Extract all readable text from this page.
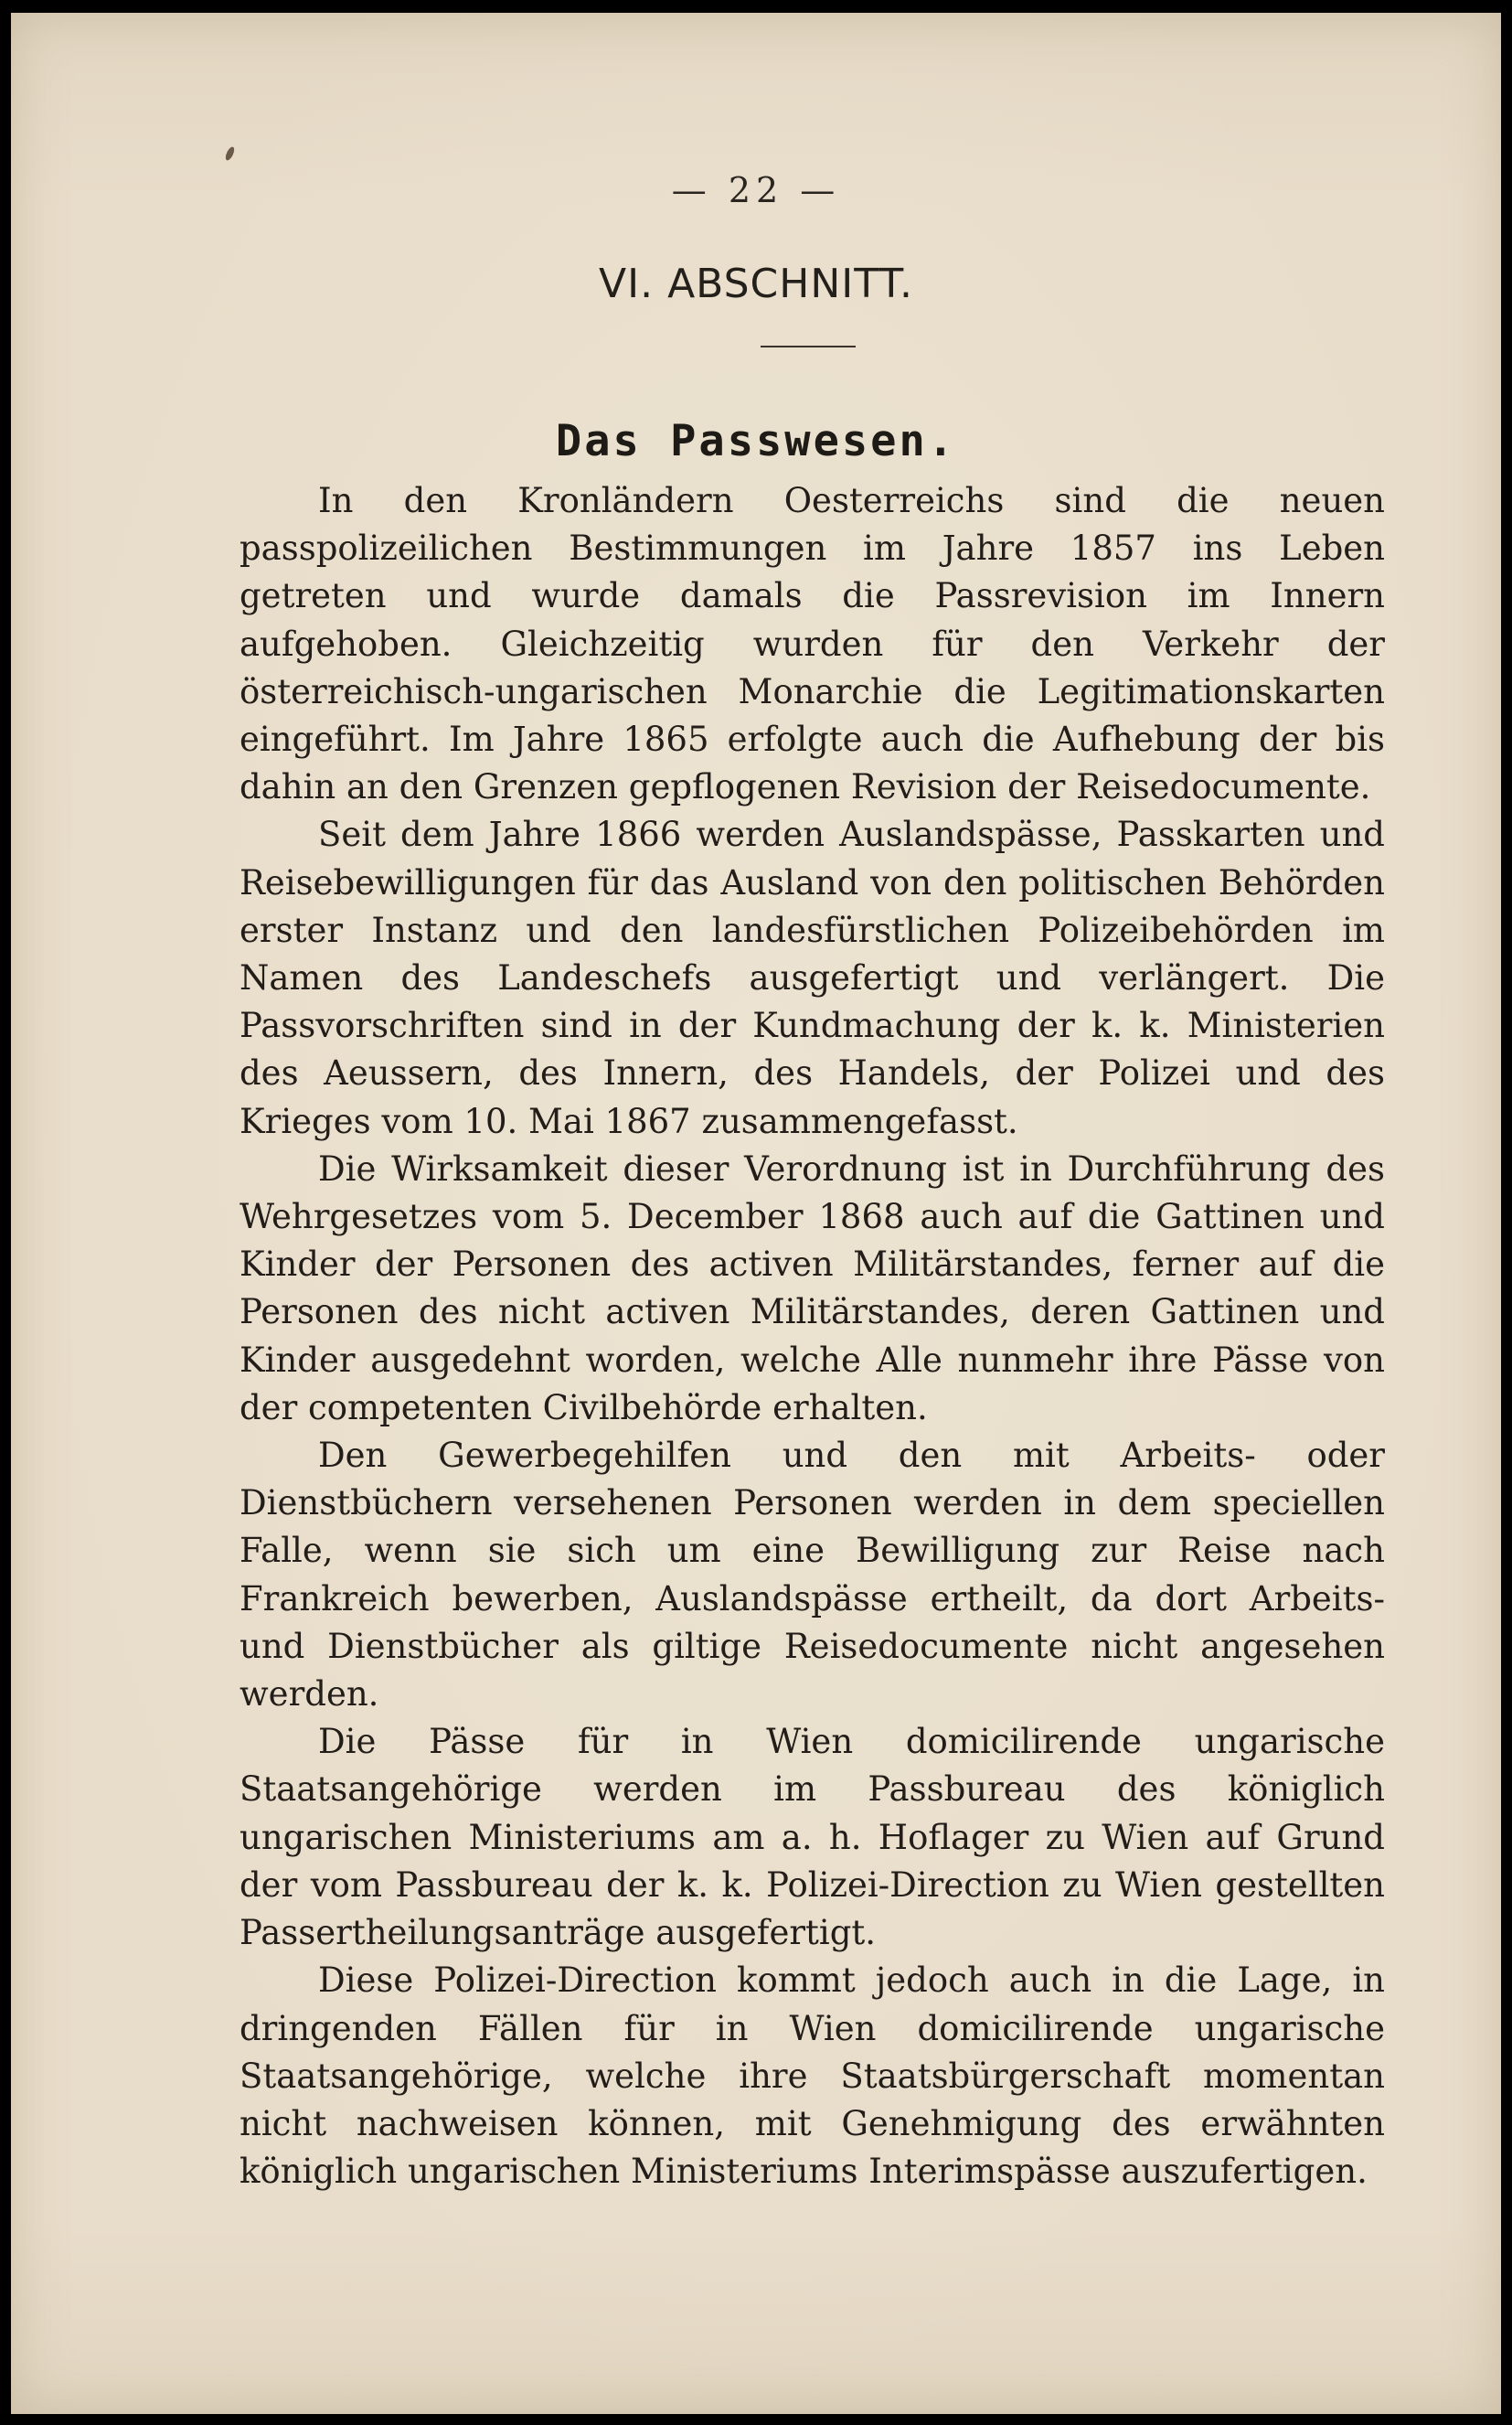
— 22 —
VI. ABSCHNITT.
Das Passwesen.

In den Kronländern Oesterreichs sind die neuen passpolizeilichen Bestimmungen im Jahre 1857 ins Leben getreten und wurde damals die Passrevision im Innern aufgehoben. Gleichzeitig wurden für den Verkehr der österreichisch-ungarischen Monarchie die Legitimationskarten eingeführt. Im Jahre 1865 erfolgte auch die Aufhebung der bis dahin an den Grenzen gepflogenen Revision der Reisedocumente.

Seit dem Jahre 1866 werden Auslandspässe, Passkarten und Reisebewilligungen für das Ausland von den politischen Behörden erster Instanz und den landesfürstlichen Polizeibehörden im Namen des Landeschefs ausgefertigt und verlängert. Die Passvorschriften sind in der Kundmachung der k. k. Ministerien des Aeussern, des Innern, des Handels, der Polizei und des Krieges vom 10. Mai 1867 zusammengefasst.

Die Wirksamkeit dieser Verordnung ist in Durchführung des Wehrgesetzes vom 5. December 1868 auch auf die Gattinen und Kinder der Personen des activen Militärstandes, ferner auf die Personen des nicht activen Militärstandes, deren Gattinen und Kinder ausgedehnt worden, welche Alle nunmehr ihre Pässe von der competenten Civilbehörde erhalten.

Den Gewerbegehilfen und den mit Arbeits- oder Dienstbüchern versehenen Personen werden in dem speciellen Falle, wenn sie sich um eine Bewilligung zur Reise nach Frankreich bewerben, Auslandspässe ertheilt, da dort Arbeits- und Dienstbücher als giltige Reisedocumente nicht angesehen werden.

Die Pässe für in Wien domicilirende ungarische Staatsangehörige werden im Passbureau des königlich ungarischen Ministeriums am a. h. Hoflager zu Wien auf Grund der vom Passbureau der k. k. Polizei-Direction zu Wien gestellten Passertheilungsanträge ausgefertigt.

Diese Polizei-Direction kommt jedoch auch in die Lage, in dringenden Fällen für in Wien domicilirende ungarische Staatsangehörige, welche ihre Staatsbürgerschaft momentan nicht nachweisen können, mit Genehmigung des erwähnten königlich ungarischen Ministeriums Interimspässe auszufertigen.
